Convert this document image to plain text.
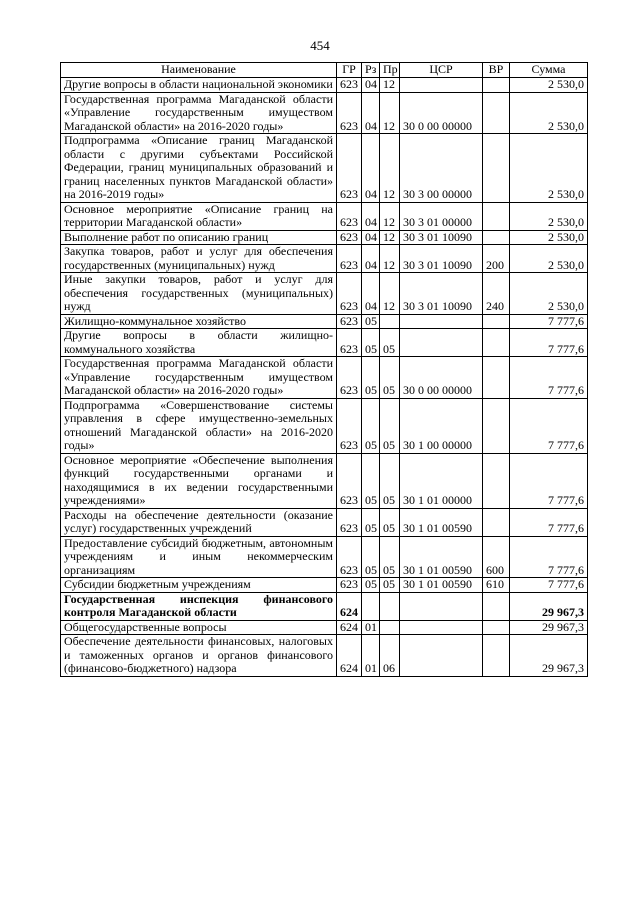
454
Наименование	ГР	Рз	Пр	ЦСР	ВР	Сумма
Другие вопросы в области национальной экономики	623	04	12			2 530,0
Государственная программа Магаданской области «Управление государственным имуществом Магаданской области» на 2016-2020 годы»	623	04	12	30 0 00 00000		2 530,0
Подпрограмма «Описание границ Магаданской области с другими субъектами Российской Федерации, границ муниципальных образований и границ населенных пунктов Магаданской области» на 2016-2019 годы»	623	04	12	30 3 00 00000		2 530,0
Основное мероприятие «Описание границ на территории Магаданской области»	623	04	12	30 3 01 00000		2 530,0
Выполнение работ по описанию границ	623	04	12	30 3 01 10090		2 530,0
Закупка товаров, работ и услуг для обеспечения государственных (муниципальных) нужд	623	04	12	30 3 01 10090	200	2 530,0
Иные закупки товаров, работ и услуг для обеспечения государственных (муниципальных) нужд	623	04	12	30 3 01 10090	240	2 530,0
Жилищно-коммунальное хозяйство	623	05				7 777,6
Другие вопросы в области жилищно-коммунального хозяйства	623	05	05			7 777,6
Государственная программа Магаданской области «Управление государственным имуществом Магаданской области» на 2016-2020 годы»	623	05	05	30 0 00 00000		7 777,6
Подпрограмма «Совершенствование системы управления в сфере имущественно-земельных отношений Магаданской области» на 2016-2020 годы»	623	05	05	30 1 00 00000		7 777,6
Основное мероприятие «Обеспечение выполнения функций государственными органами и находящимися в их ведении государственными учреждениями»	623	05	05	30 1 01 00000		7 777,6
Расходы на обеспечение деятельности (оказание услуг) государственных учреждений	623	05	05	30 1 01 00590		7 777,6
Предоставление субсидий бюджетным, автономным учреждениям и иным некоммерческим организациям	623	05	05	30 1 01 00590	600	7 777,6
Субсидии бюджетным учреждениям	623	05	05	30 1 01 00590	610	7 777,6
Государственная инспекция финансового контроля Магаданской области	624					29 967,3
Общегосударственные вопросы	624	01				29 967,3
Обеспечение деятельности финансовых, налоговых и таможенных органов и органов финансового (финансово-бюджетного) надзора	624	01	06			29 967,3
